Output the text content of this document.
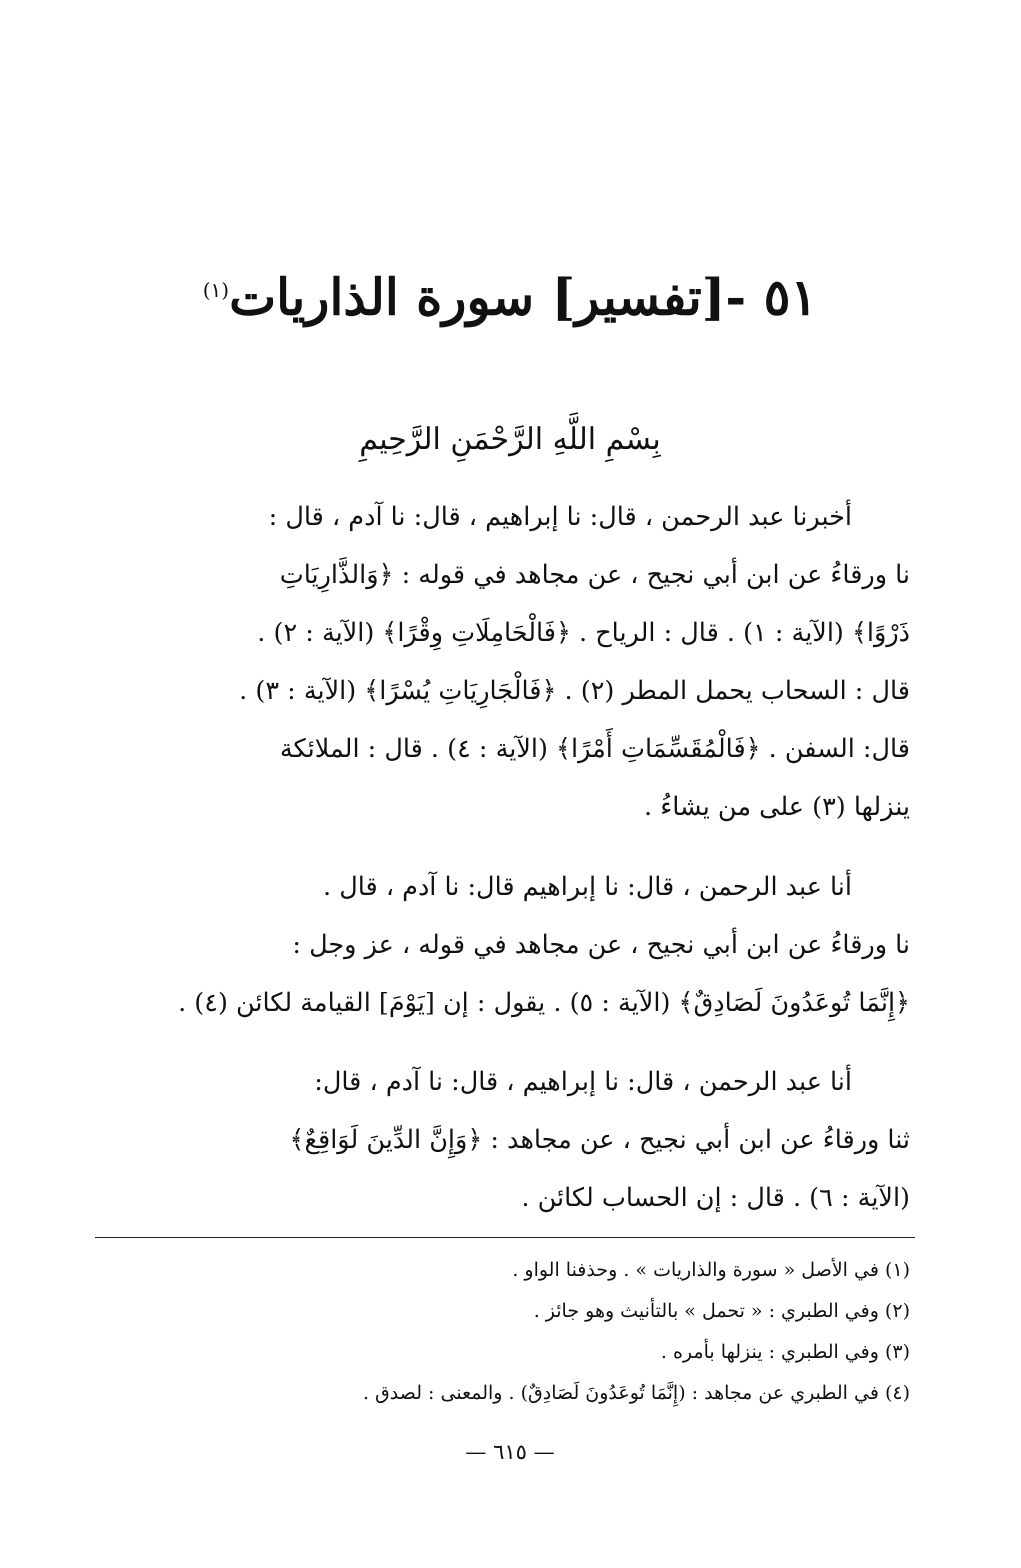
٥١ -[تفسير] سورة الذاريات$^{(١)}$
بِسْمِ اللَّهِ الرَّحْمَنِ الرَّحِيمِ
أخبرنا عبد الرحمن ، قال: نا إبراهيم ، قال: نا آدم ، قال :
نا ورقاءُ عن ابن أبي نجيح ، عن مجاهد في قوله : ﴿وَالذَّارِيَاتِ
ذَرْوًا﴾ (الآية : ١) . قال : الرياح . ﴿فَالْحَامِلَاتِ وِقْرًا﴾ (الآية : ٢) .
قال : السحاب يحمل المطر (٢) . ﴿فَالْجَارِيَاتِ يُسْرًا﴾ (الآية : ٣) .
قال: السفن . ﴿فَالْمُقَسِّمَاتِ أَمْرًا﴾ (الآية : ٤) . قال : الملائكة
ينزلها (٣) على من يشاءُ .
أنا عبد الرحمن ، قال: نا إبراهيم قال: نا آدم ، قال .
نا ورقاءُ عن ابن أبي نجيح ، عن مجاهد في قوله ، عز وجل :
﴿إِنَّمَا تُوعَدُونَ لَصَادِقٌ﴾ (الآية : ٥) . يقول : إن [يَوْمَ] القيامة لكائن (٤) .
أنا عبد الرحمن ، قال: نا إبراهيم ، قال: نا آدم ، قال:
ثنا ورقاءُ عن ابن أبي نجيح ، عن مجاهد : ﴿وَإِنَّ الدِّينَ لَوَاقِعٌ﴾
(الآية : ٦) . قال : إن الحساب لكائن .
(١) في الأصل « سورة والذاريات » . وحذفنا الواو .
(٢) وفي الطبري : « تحمل » بالتأنيث وهو جائز .
(٣) وفي الطبري : ينزلها بأمره .
(٤) في الطبري عن مجاهد : (إِنَّمَا تُوعَدُونَ لَصَادِقٌ) . والمعنى : لصدق .
— ٦١٥ —
